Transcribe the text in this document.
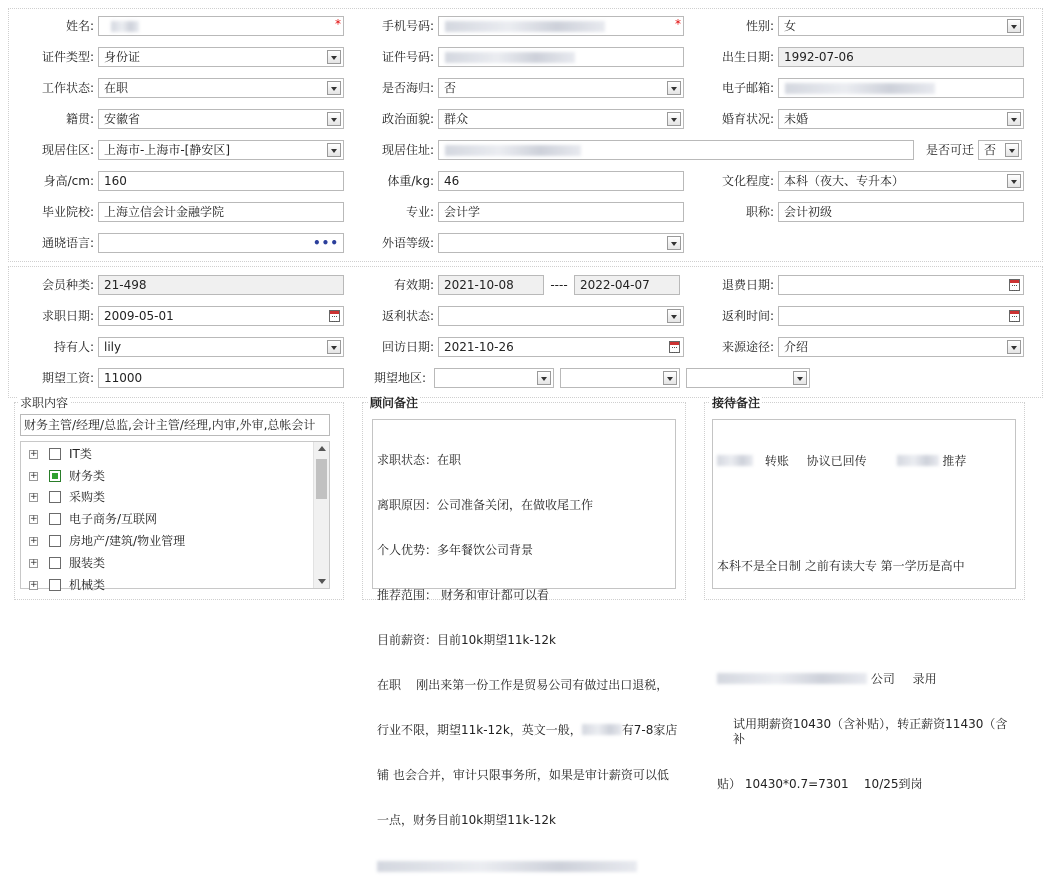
姓名:	*	手机号码:	*	性别: 女
证件类型: 身份证	证件号码:	出生日期: 1992-07-06
工作状态: 在职	是否海归: 否	电子邮箱:
籍贯: 安徽省	政治面貌: 群众	婚育状况: 未婚
现居住区: 上海市-上海市-[静安区]	现居住址:	是否可迁 否
身高/cm: 160	体重/kg: 46	文化程度: 本科（夜大、专升本）
毕业院校: 上海立信会计金融学院	专业: 会计学	职称: 会计初级
通晓语言:	•••	外语等级:
会员种类: 21-498	有效期: 2021-10-08	----	2022-04-07	退费日期:
求职日期: 2009-05-01	返利状态:	返利时间:
持有人: lily	回访日期: 2021-10-26	来源途径: 介绍
期望工资: 11000	期望地区:
求职内容
财务主管/经理/总监,会计主管/经理,内审,外审,总帐会计
+	IT类
+	财务类
+	采购类
+	电子商务/互联网
+	房地产/建筑/物业管理
+	服装类
+	机械类
顾问备注

求职状态：在职

离职原因：公司准备关闭，在做收尾工作

个人优势：多年餐饮公司背景

推荐范围： 财务和审计都可以看

目前薪资：目前10k期望11k-12k

在职    刚出来第一份工作是贸易公司有做过出口退税，

行业不限，期望11k-12k，英文一般，	有7-8家店

铺 也会合并，审计只限事务所，如果是审计薪资可以低

一点，财务目前10k期望11k-12k

接待备注

转账 协议已回传	推荐

本科不是全日制 之前有读大专 第一学历是高中

公司 录用

试用期薪资10430（含补贴），转正薪资11430（含补

贴） 10430*0.7=7301    10/25到岗
